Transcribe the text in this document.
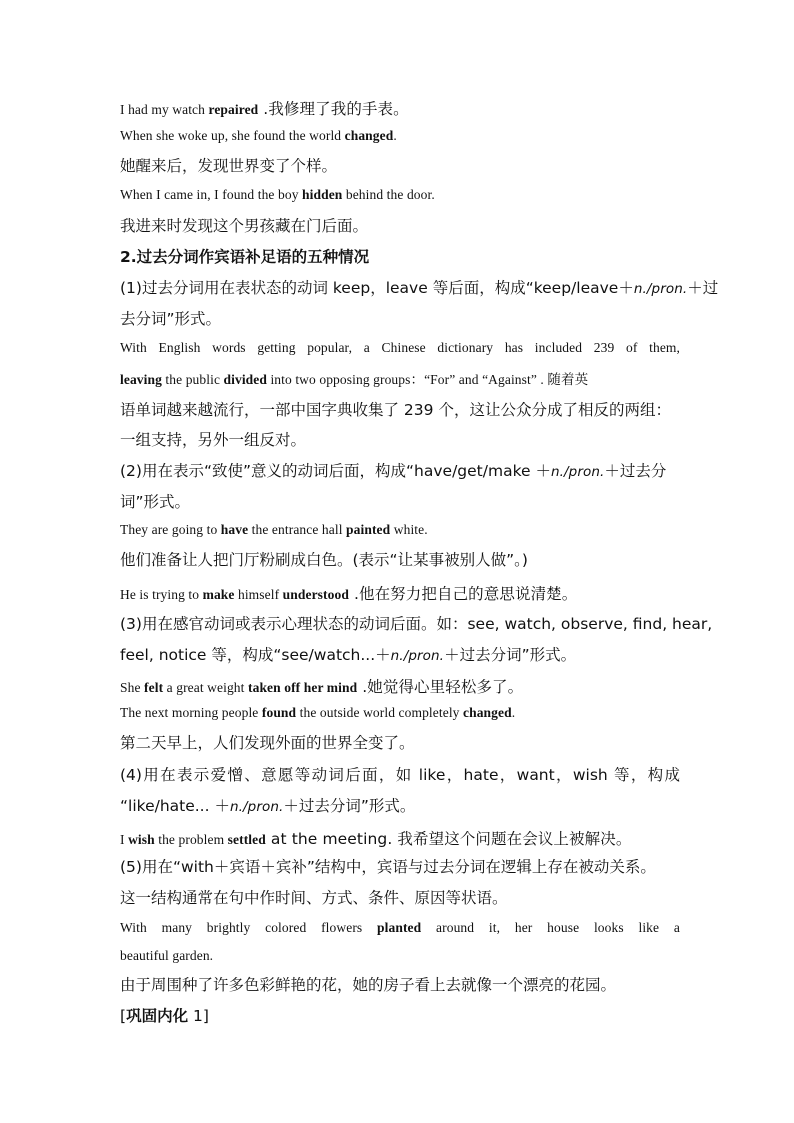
I had my watch repaired .我修理了我的手表。
When she woke up, she found the world changed.
她醒来后，发现世界变了个样。
When I came in, I found the boy hidden behind the door.
我进来时发现这个男孩藏在门后面。
2.过去分词作宾语补足语的五种情况
(1)过去分词用在表状态的动词 keep，leave 等后面，构成“keep/leave＋n./pron.＋过
去分词”形式。
With English words getting popular, a Chinese dictionary has included 239 of them,
leaving the public divided into two opposing groups：“For” and “Against” . 随着英
语单词越来越流行，一部中国字典收集了 239 个，这让公众分成了相反的两组：
一组支持，另外一组反对。
(2)用在表示“致使”意义的动词后面，构成“have/get/make ＋n./pron.＋过去分
词”形式。
They are going to have the entrance hall painted white.
他们准备让人把门厅粉刷成白色。(表示“让某事被别人做”。)
He is trying to make himself understood .他在努力把自己的意思说清楚。
(3)用在感官动词或表示心理状态的动词后面。如：see, watch, observe, find, hear,
feel, notice 等，构成“see/watch...＋n./pron.＋过去分词”形式。
She felt a great weight taken off her mind .她觉得心里轻松多了。
The next morning people found the outside world completely changed.
第二天早上，人们发现外面的世界全变了。
(4)用在表示爱憎、意愿等动词后面，如 like，hate，want，wish 等，构成
“like/hate... ＋n./pron.＋过去分词”形式。
I wish the problem settled at the meeting. 我希望这个问题在会议上被解决。
(5)用在“with＋宾语＋宾补”结构中，宾语与过去分词在逻辑上存在被动关系。
这一结构通常在句中作时间、方式、条件、原因等状语。
With many brightly colored flowers planted around it, her house looks like a
beautiful garden.
由于周围种了许多色彩鲜艳的花，她的房子看上去就像一个漂亮的花园。
[巩固内化 1]
